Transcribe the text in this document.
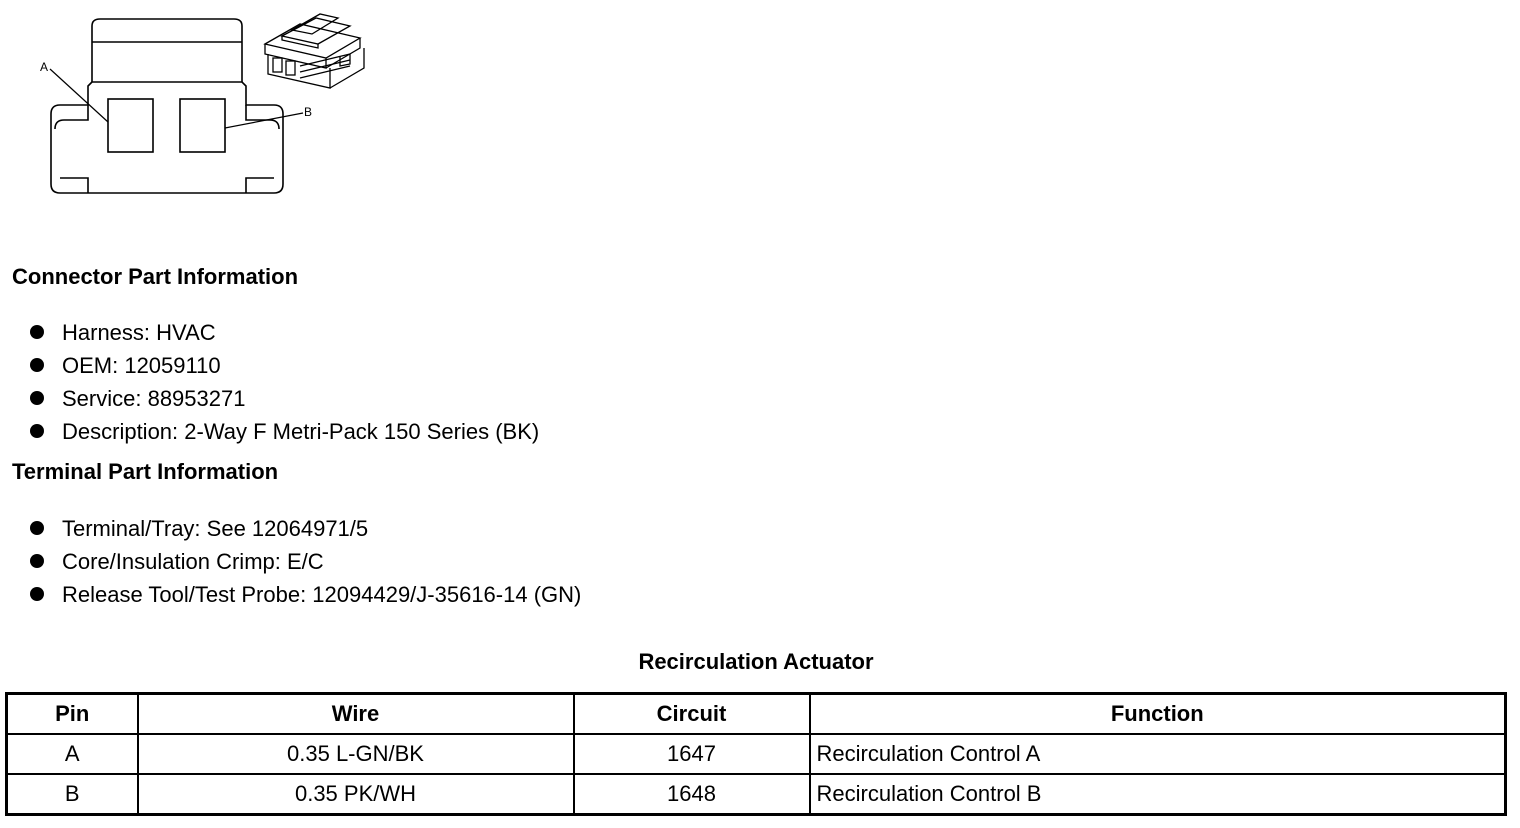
A
B
Connector Part Information
Harness: HVAC
OEM: 12059110
Service: 88953271
Description: 2-Way F Metri-Pack 150 Series (BK)
Terminal Part Information
Terminal/Tray: See 12064971/5
Core/Insulation Crimp: E/C
Release Tool/Test Probe: 12094429/J-35616-14 (GN)
Recirculation Actuator
Pin	Wire	Circuit	Function
A	0.35 L-GN/BK	1647	Recirculation Control A
B	0.35 PK/WH	1648	Recirculation Control B
